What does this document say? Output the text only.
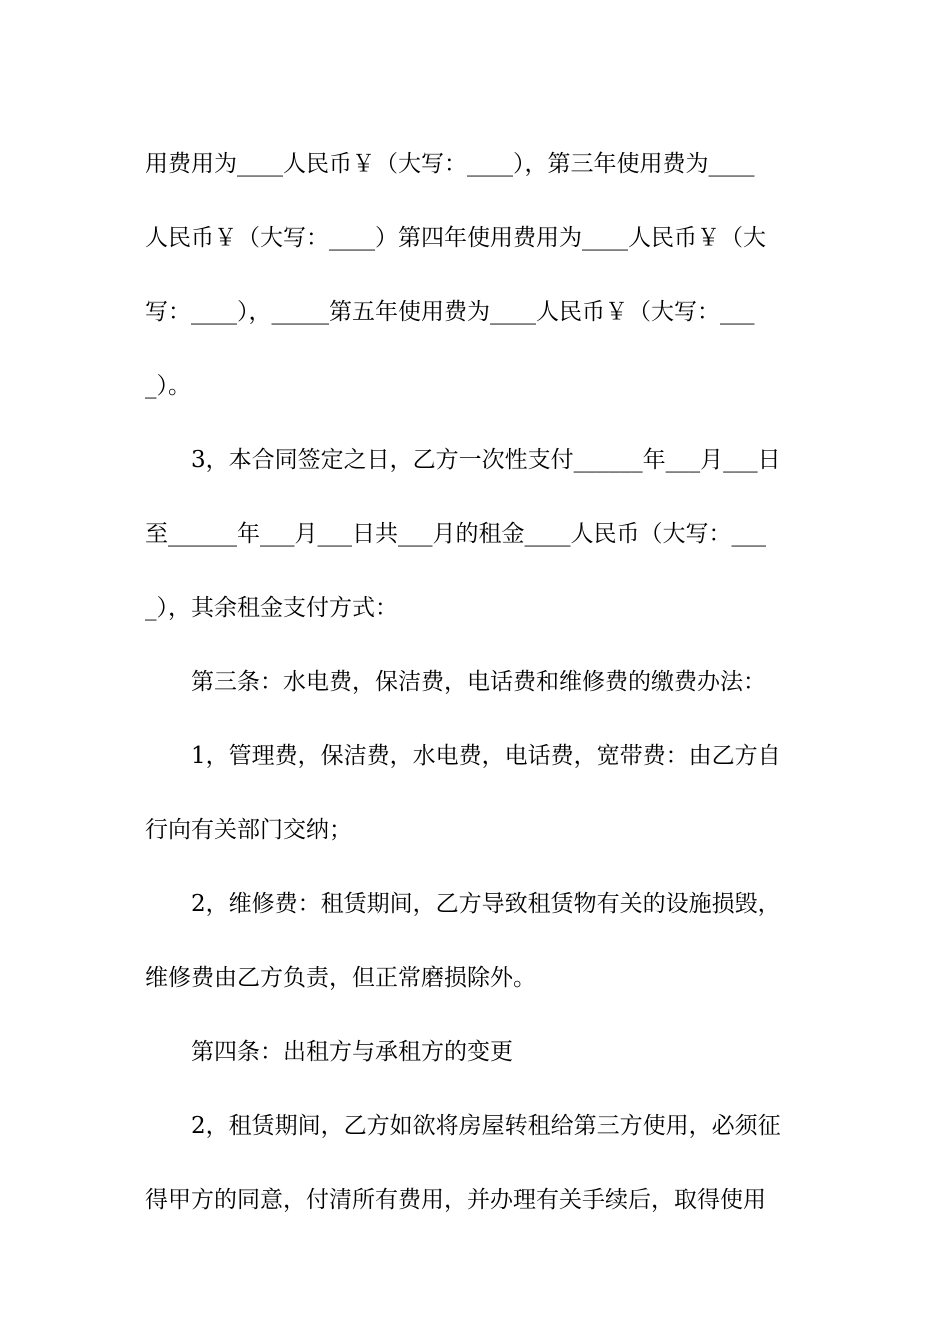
用费用为____人民币￥（大写：____），第三年使用费为____
人民币￥（大写：____）第四年使用费用为____人民币￥（大
写：____），_____第五年使用费为____人民币￥（大写：___
_）。
3，本合同签定之日，乙方一次性支付______年___月___日
至______年___月___日共___月的租金____人民币（大写：___
_），其余租金支付方式：
第三条：水电费，保洁费，电话费和维修费的缴费办法：
1，管理费，保洁费，水电费，电话费，宽带费：由乙方自
行向有关部门交纳；
2，维修费：租赁期间，乙方导致租赁物有关的设施损毁，
维修费由乙方负责，但正常磨损除外。
第四条：出租方与承租方的变更
2，租赁期间，乙方如欲将房屋转租给第三方使用，必须征
得甲方的同意，付清所有费用，并办理有关手续后，取得使用
